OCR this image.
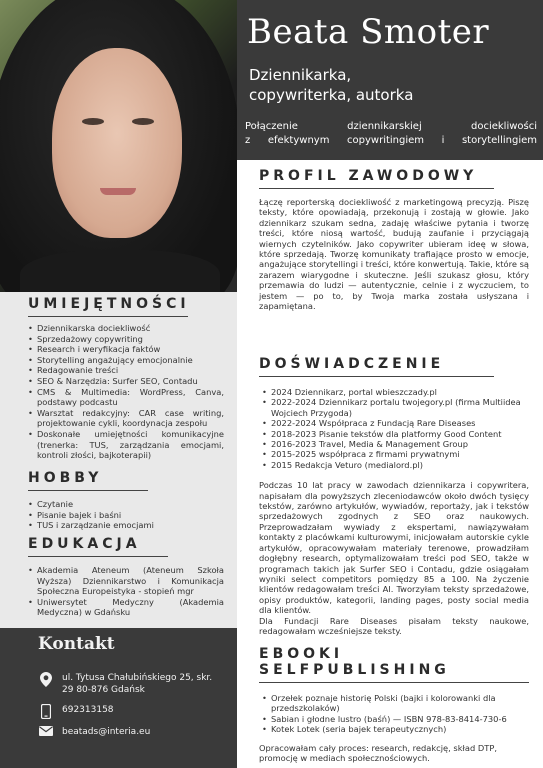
UMIEJĘTNOŚCI
• Dziennikarska dociekliwość
• Sprzedażowy copywriting
• Research i weryfikacja faktów
• Storytelling angażujący emocjonalnie
• Redagowanie treści
• SEO & Narzędzia: Surfer SEO, Contadu
• CMS & Multimedia: WordPress, Canva, podstawy podcastu
• Warsztat redakcyjny: CAR case writing, projektowanie cykli, koordynacja zespołu
• Doskonałe umiejętności komunikacyjne (trenerka: TUS, zarządzania emocjami, kontroli złości, bajkoterapii)
HOBBY
• Czytanie
• Pisanie bajek i baśni
• TUS i zarządzanie emocjami
EDUKACJA
• Akademia Ateneum (Ateneum Szkoła Wyższa) Dziennikarstwo i Komunikacja Społeczna Europeistyka - stopień mgr
• Uniwersytet Medyczny (Akademia Medyczna) w Gdańsku
Kontakt
ul. Tytusa Chałubińskiego 25, skr. 29 80-876 Gdańsk
692313158
beatads@interia.eu
Beata Smoter
Dziennikarka,
copywriterka, autorka
Połączenie dziennikarskiej dociekliwości
z efektywnym copywritingiem i storytellingiem
PROFIL ZAWODOWY

Łączę reporterską dociekliwość z marketingową precyzją. Piszę teksty, które opowiadają, przekonują i zostają w głowie. Jako dziennikarz szukam sedna, zadaję właściwe pytania i tworzę treści, które niosą wartość, budują zaufanie i przyciągają wiernych czytelników. Jako copywriter ubieram ideę w słowa, które sprzedają. Tworzę komunikaty trafiające prosto w emocje, angażujące storytellingi i treści, które konwertują. Takie, które są zarazem wiarygodne i skuteczne. Jeśli szukasz głosu, który przemawia do ludzi — autentycznie, celnie i z wyczuciem, to jestem — po to, by Twoja marka została usłyszana i zapamiętana.

DOŚWIADCZENIE
• 2024 Dziennikarz, portal wbieszczady.pl
• 2022-2024 Dziennikarz portalu twojegory.pl (firma Multiidea Wojciech Przygoda)
• 2022-2024 Współpraca z Fundacją Rare Diseases
• 2018-2023 Pisanie tekstów dla platformy Good Content
• 2016-2023 Travel, Media & Management Group
• 2015-2025 współpraca z firmami prywatnymi
• 2015 Redakcja Veturo (medialord.pl)

Podczas 10 lat pracy w zawodach dziennikarza i copywritera, napisałam dla powyższych zleceniodawców około dwóch tysięcy tekstów, zarówno artykułów, wywiadów, reportaży, jak i tekstów sprzedażowych zgodnych z SEO oraz naukowych. Przeprowadzałam wywiady z ekspertami, nawiązywałam kontakty z placówkami kulturowymi, inicjowałam autorskie cykle artykułów, opracowywałam materiały terenowe, prowadziłam dogłębny research, optymalizowałam treści pod SEO, także w programach takich jak Surfer SEO i Contadu, gdzie osiągałam wyniki select competitors pomiędzy 85 a 100. Na życzenie klientów redagowałam treści AI. Tworzyłam teksty sprzedażowe, opisy produktów, kategorii, landing pages, posty social media dla klientów.

Dla Fundacji Rare Diseases pisałam teksty naukowe, redagowałam wcześniejsze teksty.

EBOOKI SELFPUBLISHING
• Orzełek poznaje historię Polski (bajki i kolorowanki dla przedszkolaków)
• Sabian i głodne lustro (baśń) — ISBN 978-83-8414-730-6
• Kotek Lotek (seria bajek terapeutycznych)

Opracowałam cały proces: research, redakcję, skład DTP, promocję w mediach społecznościowych.
